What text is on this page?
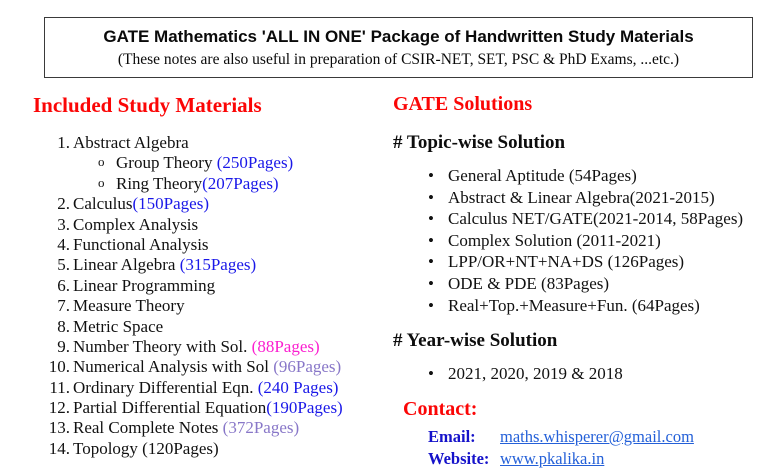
GATE Mathematics 'ALL IN ONE' Package of Handwritten Study Materials
(These notes are also useful in preparation of CSIR-NET, SET, PSC & PhD Exams, ...etc.)
Included Study Materials
1. Abstract Algebra
o Group Theory (250Pages)
o Ring Theory(207Pages)
2. Calculus(150Pages)
3. Complex Analysis
4. Functional Analysis
5. Linear Algebra (315Pages)
6. Linear Programming
7. Measure Theory
8. Metric Space
9. Number Theory with Sol. (88Pages)
10. Numerical Analysis with Sol (96Pages)
11. Ordinary Differential Eqn. (240 Pages)
12. Partial Differential Equation(190Pages)
13. Real Complete Notes (372Pages)
14. Topology (120Pages)
GATE Solutions
# Topic-wise Solution
• General Aptitude (54Pages)
• Abstract & Linear Algebra(2021-2015)
• Calculus NET/GATE(2021-2014, 58Pages)
• Complex Solution (2011-2021)
• LPP/OR+NT+NA+DS (126Pages)
• ODE & PDE (83Pages)
• Real+Top.+Measure+Fun. (64Pages)
# Year-wise Solution
• 2021, 2020, 2019 & 2018
Contact:
Email:	maths.whisperer@gmail.com
Website: www.pkalika.in
